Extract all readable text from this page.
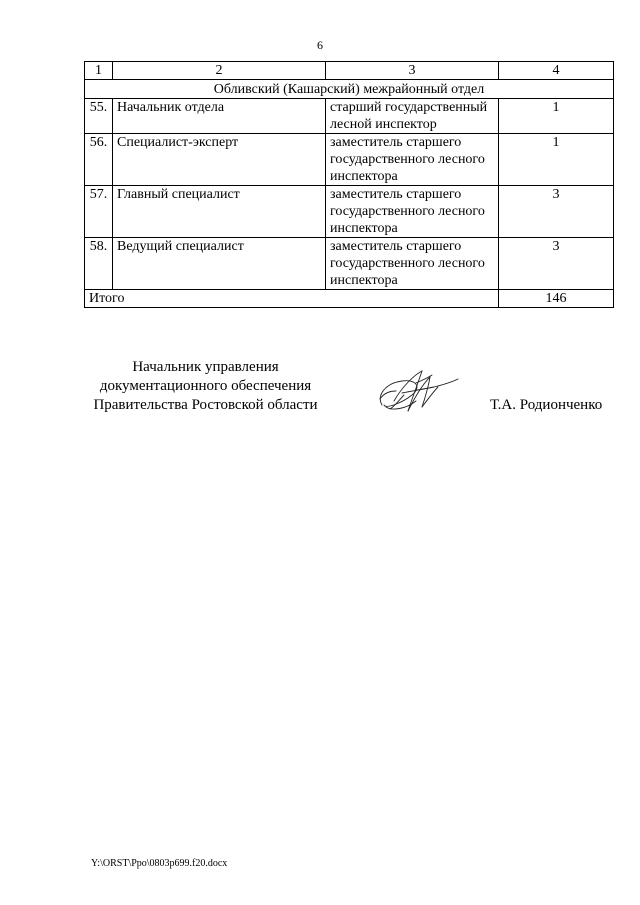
6
1	2	3	4
Обливский (Кашарский) межрайонный отдел			
55.	Начальник отдела	старший государственный лесной инспектор	1
56.	Специалист-эксперт	заместитель старшего государственного лесного инспектора	1
57.	Главный специалист	заместитель старшего государственного лесного инспектора	3
58.	Ведущий специалист	заместитель старшего государственного лесного инспектора	3
Итого			146
Начальник управления
документационного обеспечения
Правительства Ростовской области	Т.А. Родионченко
Y:\ORST\Ppo\0803p699.f20.docx
